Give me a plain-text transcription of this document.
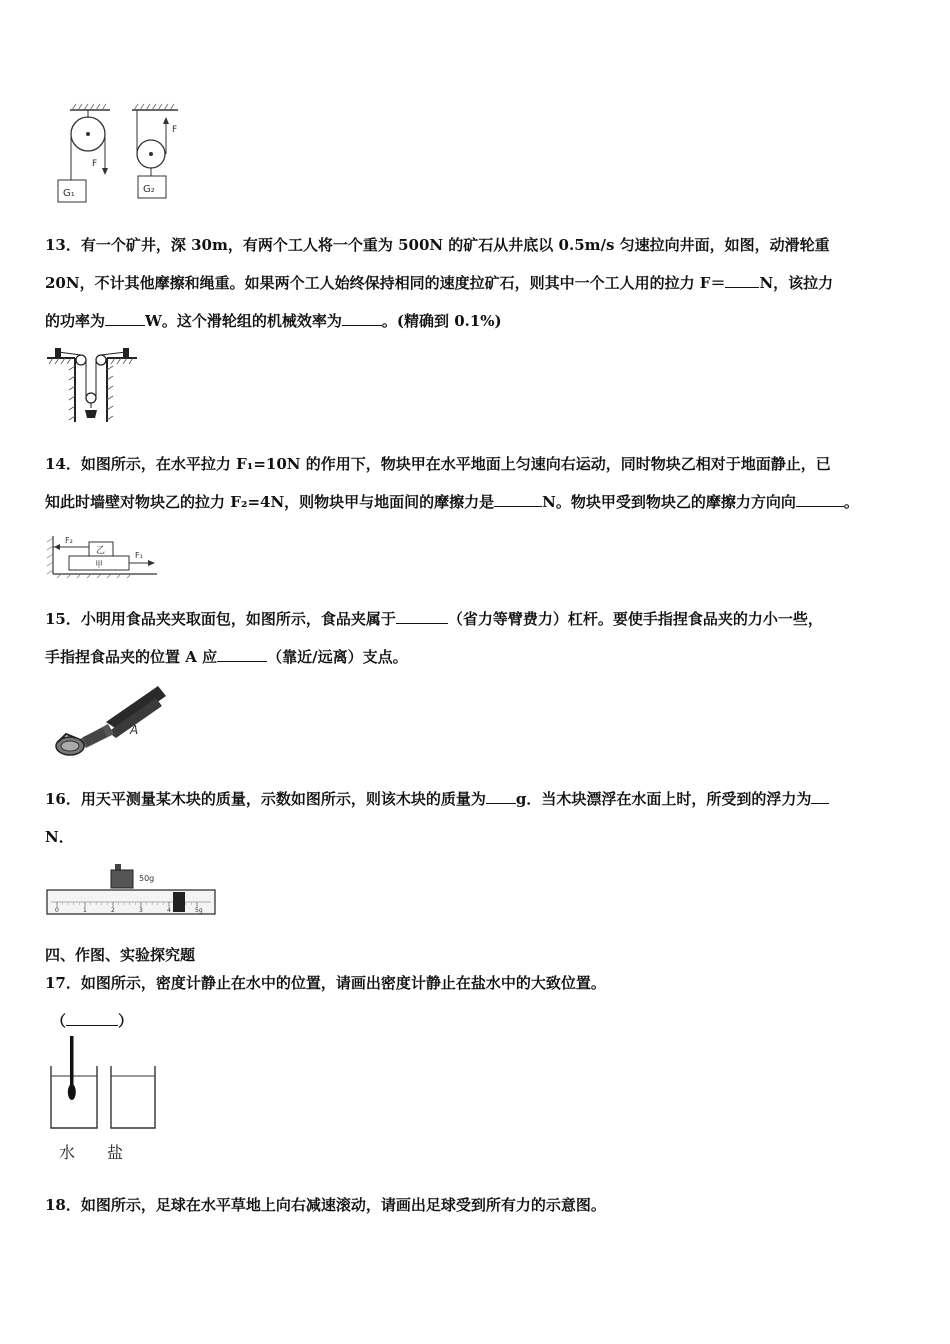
F
G₁
F
G₂
13．有一个矿井，深 30m，有两个工人将一个重为 500N 的矿石从井底以 0.5m/s 匀速拉向井面，如图，动滑轮重
20N，不计其他摩擦和绳重。如果两个工人始终保持相同的速度拉矿石，则其中一个工人用的拉力 F＝ N，该拉力
的功率为	W。这个滑轮组的机械效率为	。(精确到 0.1%)
14．如图所示，在水平拉力 F₁=10N 的作用下，物块甲在水平地面上匀速向右运动，同时物块乙相对于地面静止，已
知此时墙壁对物块乙的拉力 F₂=4N，则物块甲与地面间的摩擦力是	N。物块甲受到物块乙的摩擦力方向向	。
乙
F₂
甲
F₁
15．小明用食品夹夹取面包，如图所示，食品夹属于	（省力等臂费力）杠杆。要使手指捏食品夹的力小一些，
手指捏食品夹的位置 A 应	（靠近/远离）支点。
A
16．用天平测量某木块的质量，示数如图所示，则该木块的质量为 g．当木块漂浮在水面上时，所受到的浮力为
N．
50g
0	1	2	3	4	5g
四、作图、实验探究题
17．如图所示，密度计静止在水中的位置，请画出密度计静止在盐水中的大致位置。
（	）
水 盐
18．如图所示，足球在水平草地上向右减速滚动，请画出足球受到所有力的示意图。
